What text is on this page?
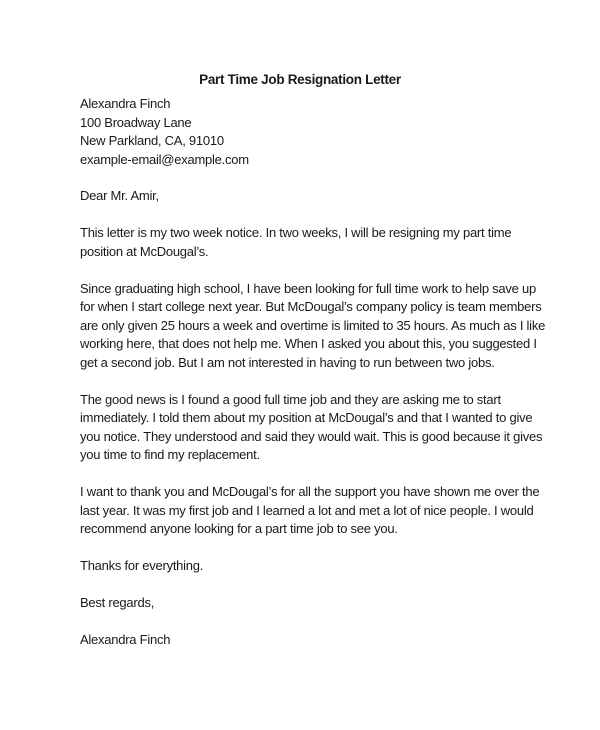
Part Time Job Resignation Letter

Alexandra Finch

100 Broadway Lane

New Parkland, CA, 91010

example-email@example.com

Dear Mr. Amir,

This letter is my two week notice. In two weeks, I will be resigning my part time position at McDougal’s.

Since graduating high school, I have been looking for full time work to help save up for when I start college next year. But McDougal’s company policy is team members are only given 25 hours a week and overtime is limited to 35 hours. As much as I like working here, that does not help me. When I asked you about this, you suggested I get a second job. But I am not interested in having to run between two jobs.

The good news is I found a good full time job and they are asking me to start immediately. I told them about my position at McDougal’s and that I wanted to give you notice. They understood and said they would wait. This is good because it gives you time to find my replacement.

I want to thank you and McDougal’s for all the support you have shown me over the last year. It was my first job and I learned a lot and met a lot of nice people. I would recommend anyone looking for a part time job to see you.

Thanks for everything.

Best regards,

Alexandra Finch
